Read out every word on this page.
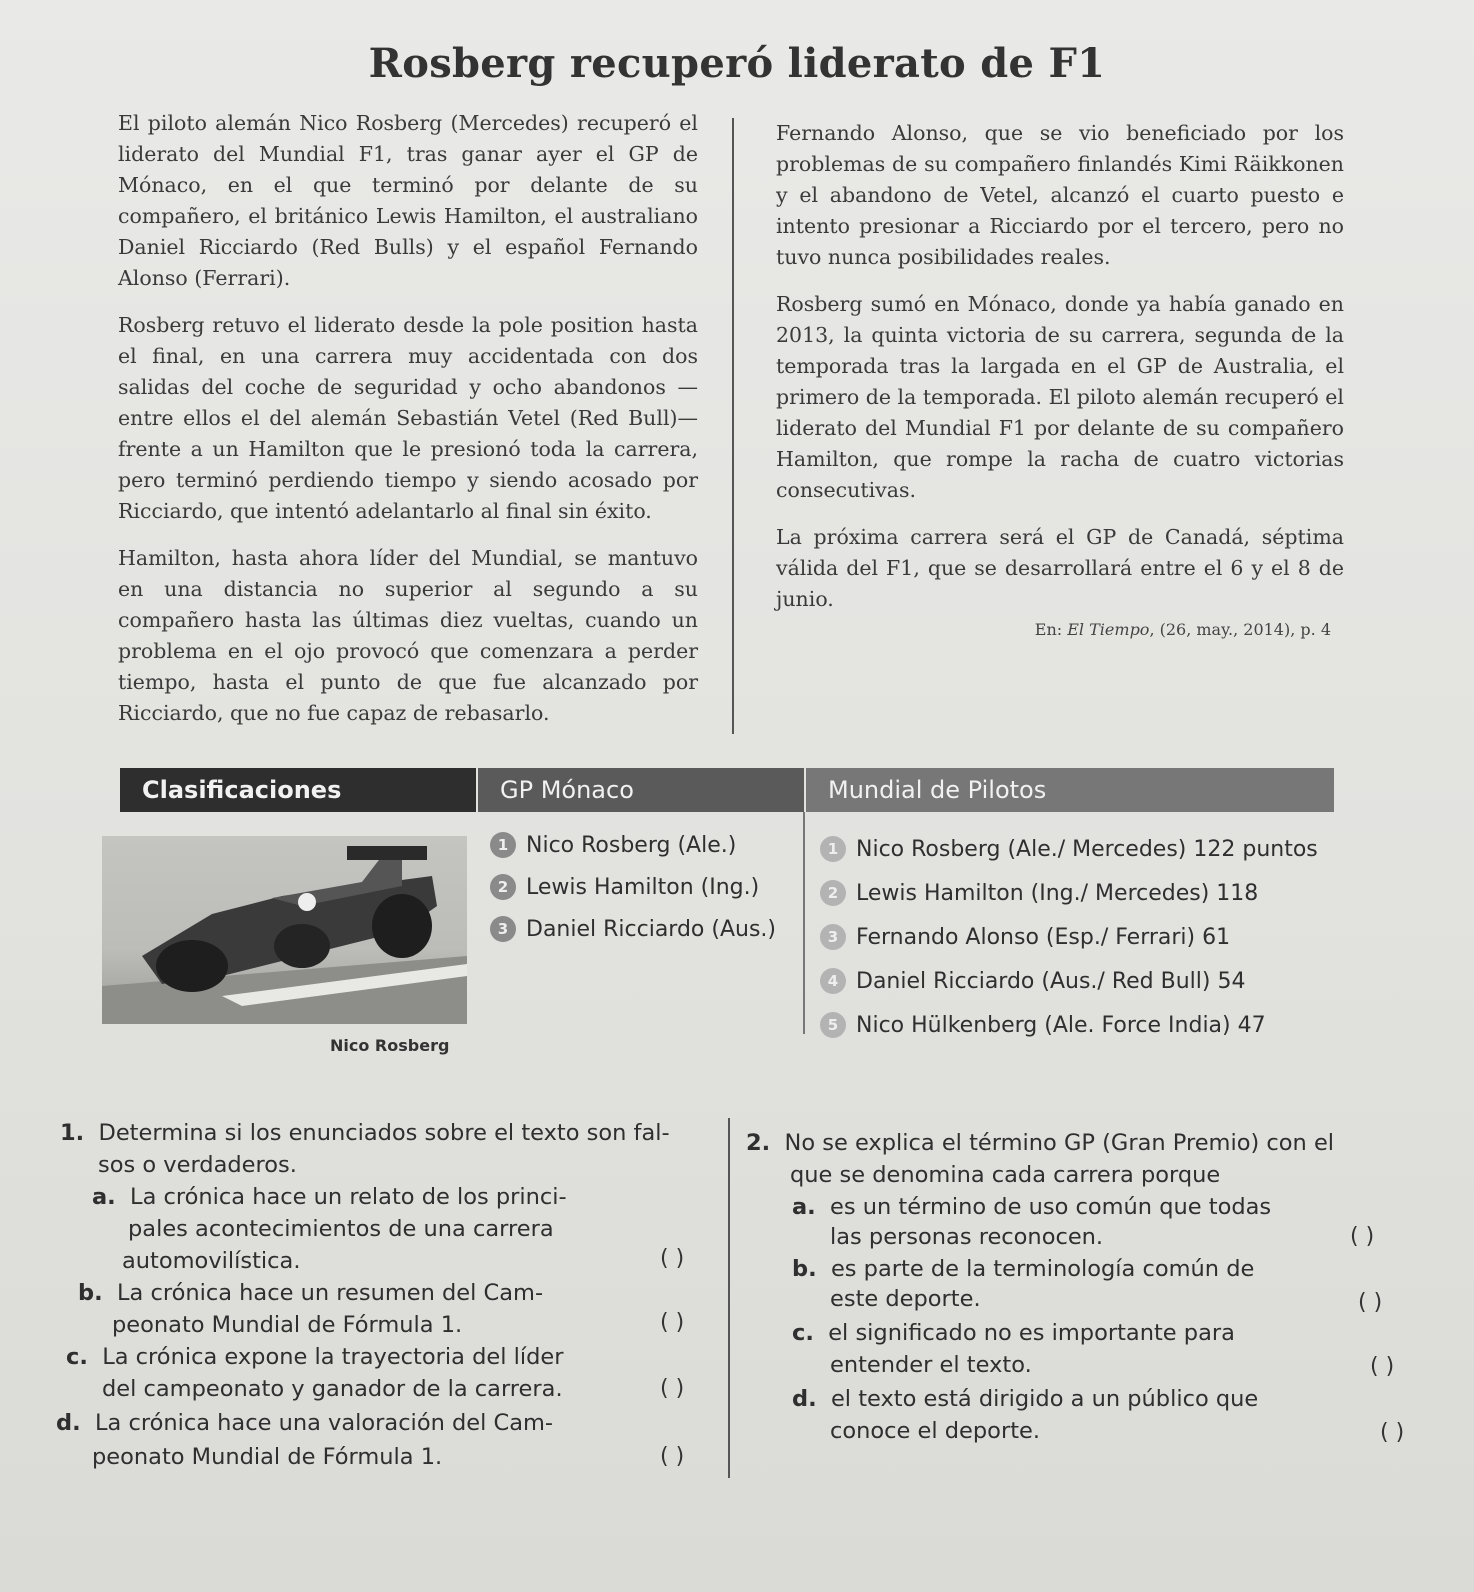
Rosberg recuperó liderato de F1

El piloto alemán Nico Rosberg (Mercedes) recuperó el liderato del Mundial F1, tras ganar ayer el GP de Mónaco, en el que terminó por delante de su compañero, el británico Lewis Hamilton, el australiano Daniel Ricciardo (Red Bulls) y el español Fernando Alonso (Ferrari).

Rosberg retuvo el liderato desde la pole position hasta el final, en una carrera muy accidentada con dos salidas del coche de seguridad y ocho abandonos —entre ellos el del alemán Sebastián Vetel (Red Bull)— frente a un Hamilton que le presionó toda la carrera, pero terminó perdiendo tiempo y siendo acosado por Ricciardo, que intentó adelantarlo al final sin éxito.

Hamilton, hasta ahora líder del Mundial, se mantuvo en una distancia no superior al segundo a su compañero hasta las últimas diez vueltas, cuando un problema en el ojo provocó que comenzara a perder tiempo, hasta el punto de que fue alcanzado por Ricciardo, que no fue capaz de rebasarlo.

Fernando Alonso, que se vio beneficiado por los problemas de su compañero finlandés Kimi Räikkonen y el abandono de Vetel, alcanzó el cuarto puesto e intento presionar a Ricciardo por el tercero, pero no tuvo nunca posibilidades reales.

Rosberg sumó en Mónaco, donde ya había ganado en 2013, la quinta victoria de su carrera, segunda de la temporada tras la largada en el GP de Australia, el primero de la temporada. El piloto alemán recuperó el liderato del Mundial F1 por delante de su compañero Hamilton, que rompe la racha de cuatro victorias consecutivas.

La próxima carrera será el GP de Canadá, séptima válida del F1, que se desarrollará entre el 6 y el 8 de junio.

En: El Tiempo, (26, may., 2014), p. 4
Clasificaciones	GP Mónaco	Mundial de Pilotos
Nico Rosberg
1 Nico Rosberg (Ale.)
2 Lewis Hamilton (Ing.)
3 Daniel Ricciardo (Aus.)
1 Nico Rosberg (Ale./ Mercedes) 122 puntos
2 Lewis Hamilton (Ing./ Mercedes) 118
3 Fernando Alonso (Esp./ Ferrari) 61
4 Daniel Ricciardo (Aus./ Red Bull) 54
5 Nico Hülkenberg (Ale. Force India) 47
1. Determina si los enunciados sobre el texto son fal-
sos o verdaderos.
a. La crónica hace un relato de los princi-
pales acontecimientos de una carrera
automovilística.
b. La crónica hace un resumen del Cam-
peonato Mundial de Fórmula 1.
c. La crónica expone la trayectoria del líder
del campeonato y ganador de la carrera.
d. La crónica hace una valoración del Cam-
peonato Mundial de Fórmula 1.
( )
( )
( )
( )
2. No se explica el término GP (Gran Premio) con el
que se denomina cada carrera porque
a. es un término de uso común que todas
las personas reconocen.
b. es parte de la terminología común de
este deporte.
c. el significado no es importante para
entender el texto.
d. el texto está dirigido a un público que
conoce el deporte.
( )
( )
( )
( )
